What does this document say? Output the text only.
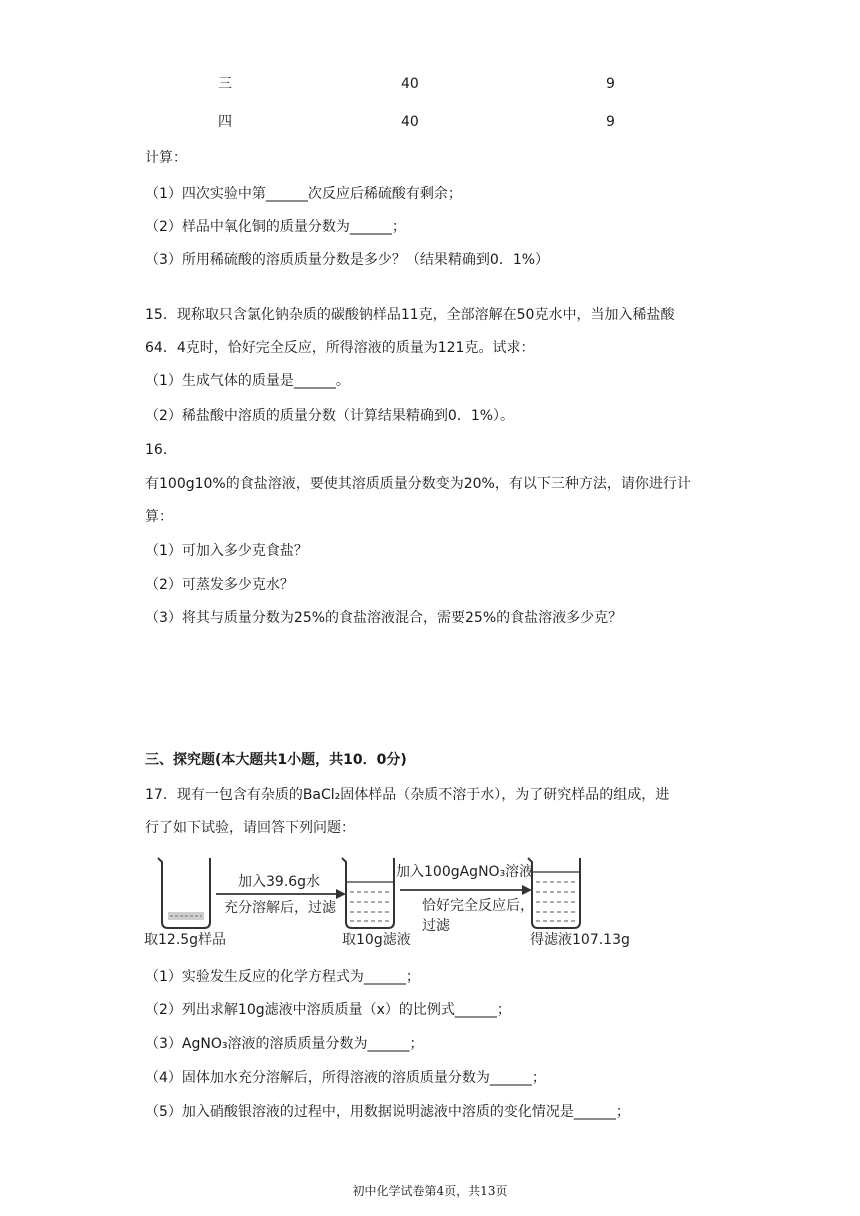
三	40	9
四	40	9
计算：
（1）四次实验中第______次反应后稀硫酸有剩余；
（2）样品中氧化铜的质量分数为______；
（3）所用稀硫酸的溶质质量分数是多少？（结果精确到0．1%）
15．现称取只含氯化钠杂质的碳酸钠样品11克，全部溶解在50克水中，当加入稀盐酸
64．4克时，恰好完全反应，所得溶液的质量为121克。试求：
（1）生成气体的质量是______。
（2）稀盐酸中溶质的质量分数（计算结果精确到0．1%）。
16．
有100g10%的食盐溶液，要使其溶质质量分数变为20%，有以下三种方法，请你进行计
算：
（1）可加入多少克食盐？
（2）可蒸发多少克水？
（3）将其与质量分数为25%的食盐溶液混合，需要25%的食盐溶液多少克？
三、探究题(本大题共1小题，共10．0分)
17．现有一包含有杂质的BaCl₂固体样品（杂质不溶于水），为了研究样品的组成，进
行了如下试验，请回答下列问题：
取12.5g样品
加入39.6g水
充分溶解后，过滤
取10g滤液
加入100gAgNO₃溶液
恰好完全反应后，
过滤
得滤液107.13g
（1）实验发生反应的化学方程式为______；
（2）列出求解10g滤液中溶质质量（x）的比例式______；
（3）AgNO₃溶液的溶质质量分数为______；
（4）固体加水充分溶解后，所得溶液的溶质质量分数为______；
（5）加入硝酸银溶液的过程中，用数据说明滤液中溶质的变化情况是______；
初中化学试卷第4页，共13页
